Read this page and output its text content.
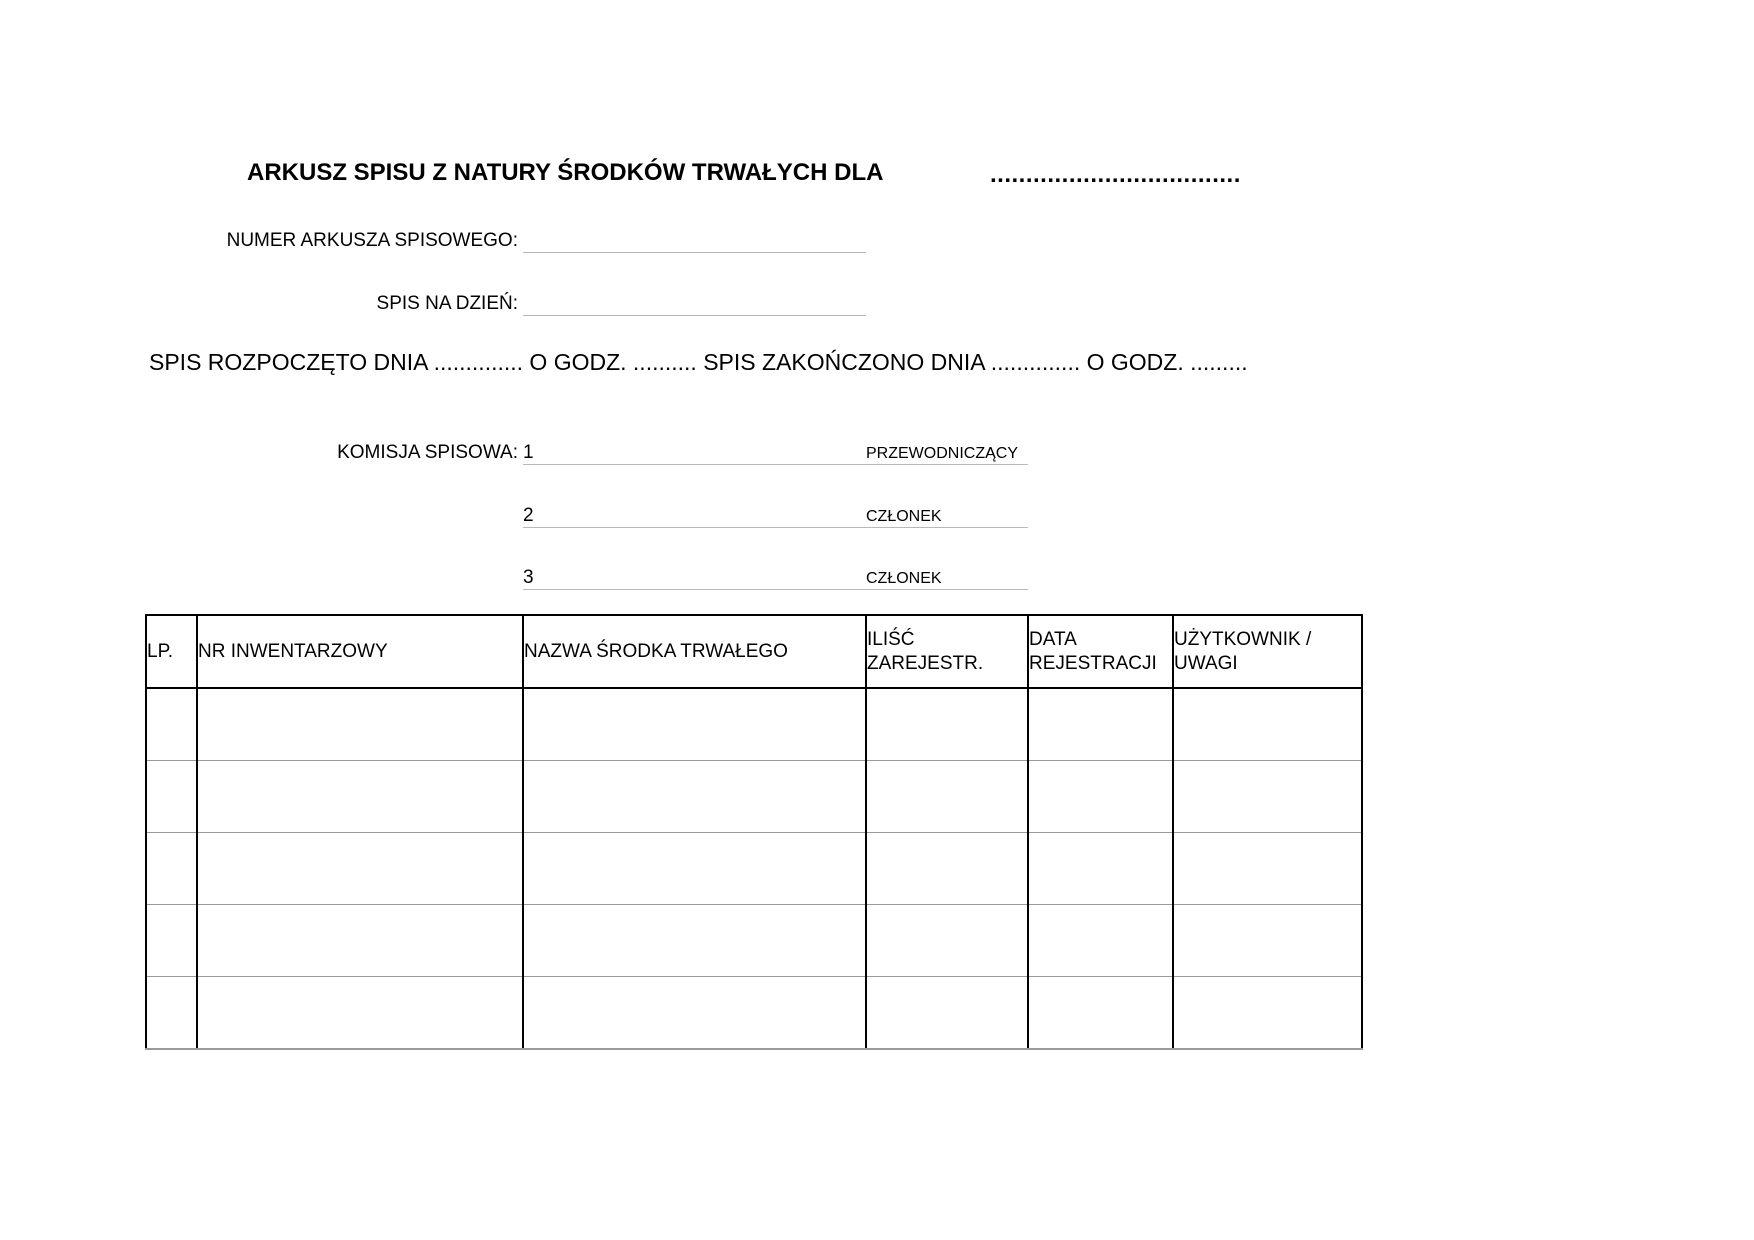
ARKUSZ SPISU Z NATURY ŚRODKÓW TRWAŁYCH DLA	...................................
NUMER ARKUSZA SPISOWEGO:
SPIS NA DZIEŃ:
SPIS ROZPOCZĘTO DNIA .............. O GODZ. .......... SPIS ZAKOŃCZONO DNIA .............. O GODZ. .........
KOMISJA SPISOWA: 1	PRZEWODNICZĄCY
2	CZŁONEK
3	CZŁONEK
LP.	NR INWENTARZOWY	NAZWA ŚRODKA TRWAŁEGO	ILIŚĆ ZAREJESTR.	DATA REJESTRACJI	UŻYTKOWNIK / UWAGI
